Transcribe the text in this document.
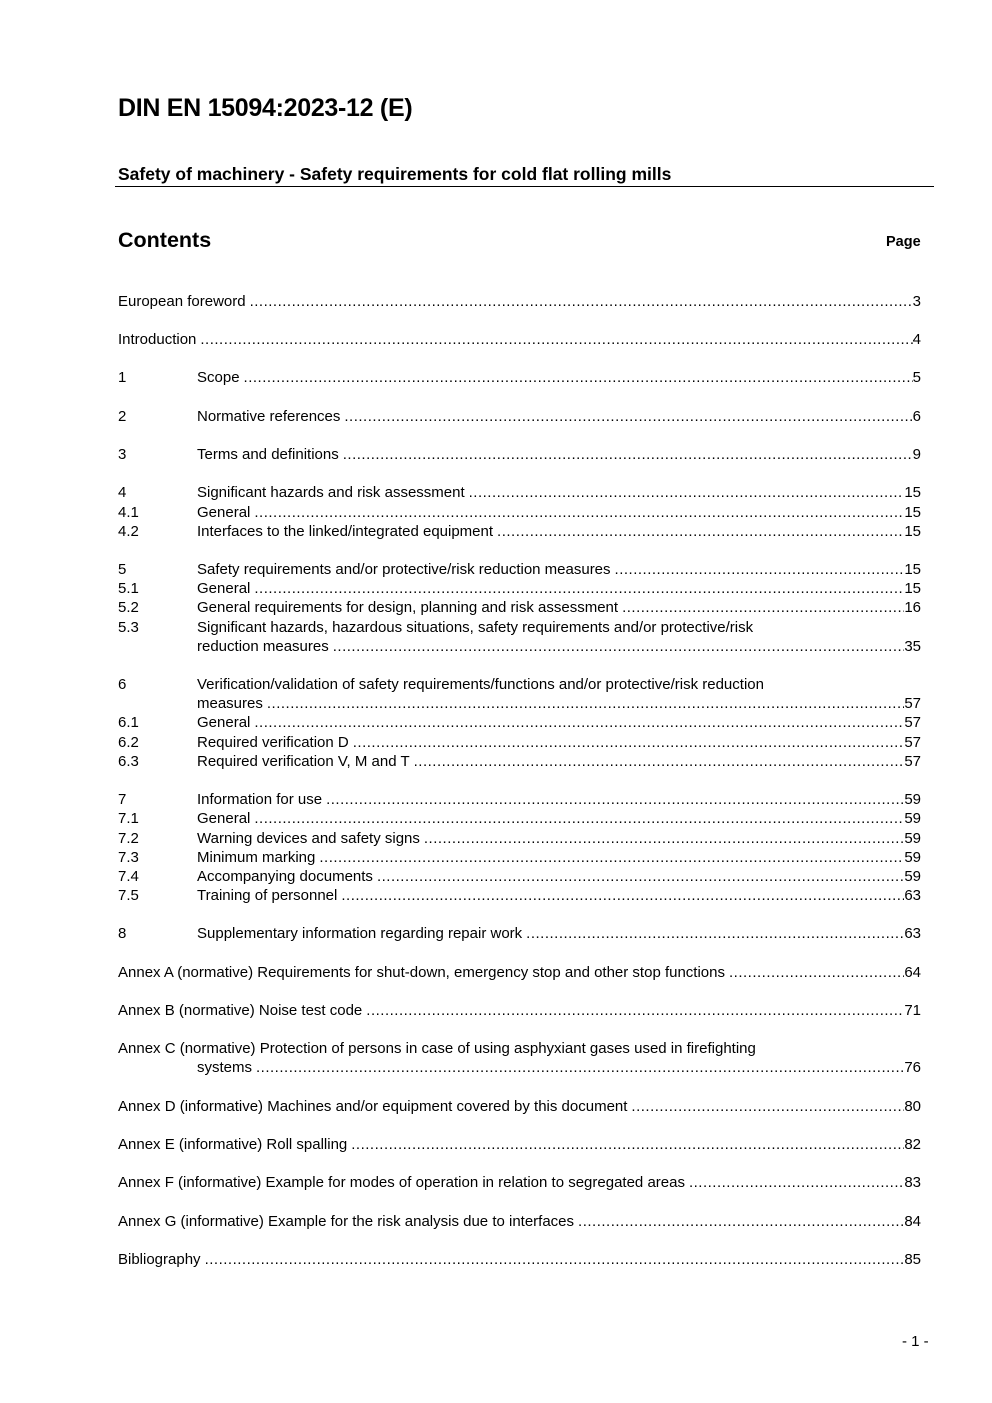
DIN EN 15094:2023-12 (E)
Safety of machinery - Safety requirements for cold flat rolling mills
Contents	Page
European foreword .....	3
Introduction .....	4
1	Scope .....	5
2	Normative references .....	6
3	Terms and definitions .....	9
4	Significant hazards and risk assessment .....	15
4.1	General .....	15
4.2	Interfaces to the linked/integrated equipment .....	15
5	Safety requirements and/or protective/risk reduction measures .....	15
5.1	General .....	15
5.2	General requirements for design, planning and risk assessment .....	16
5.3	Significant hazards, hazardous situations, safety requirements and/or protective/risk
reduction measures .....	35
6	Verification/validation of safety requirements/functions and/or protective/risk reduction
measures .....	57
6.1	General .....	57
6.2	Required verification D .....	57
6.3	Required verification V, M and T .....	57
7	Information for use .....	59
7.1	General .....	59
7.2	Warning devices and safety signs .....	59
7.3	Minimum marking .....	59
7.4	Accompanying documents .....	59
7.5	Training of personnel .....	63
8	Supplementary information regarding repair work .....	63
Annex A (normative) Requirements for shut-down, emergency stop and other stop functions .....	64
Annex B (normative) Noise test code .....	71
Annex C (normative) Protection of persons in case of using asphyxiant gases used in firefighting
systems .....	76
Annex D (informative) Machines and/or equipment covered by this document .....	80
Annex E (informative) Roll spalling .....	82
Annex F (informative) Example for modes of operation in relation to segregated areas .....	83
Annex G (informative) Example for the risk analysis due to interfaces .....	84
Bibliography .....	85
- 1 -
